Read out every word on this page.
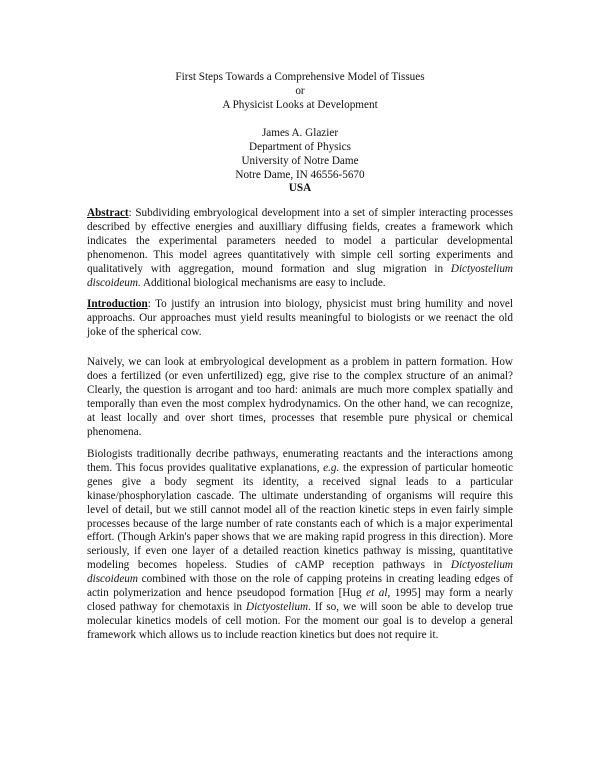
First Steps Towards a Comprehensive Model of Tissues
or
A Physicist Looks at Development
James A. Glazier
Department of Physics
University of Notre Dame
Notre Dame, IN 46556-5670
USA
Abstract: Subdividing embryological development into a set of simpler interacting processes described by effective energies and auxilliary diffusing fields, creates a framework which indicates the experimental parameters needed to model a particular developmental phenomenon. This model agrees quantitatively with simple cell sorting experiments and qualitatively with aggregation, mound formation and slug migration in Dictyostelium discoideum. Additional biological mechanisms are easy to include.
Introduction: To justify an intrusion into biology, physicist must bring humility and novel approachs. Our approaches must yield results meaningful to biologists or we reenact the old joke of the spherical cow.
Naively, we can look at embryological development as a problem in pattern formation. How does a fertilized (or even unfertilized) egg, give rise to the complex structure of an animal? Clearly, the question is arrogant and too hard: animals are much more complex spatially and temporally than even the most complex hydrodynamics. On the other hand, we can recognize, at least locally and over short times, processes that resemble pure physical or chemical phenomena.
Biologists traditionally decribe pathways, enumerating reactants and the interactions among them. This focus provides qualitative explanations, e.g. the expression of particular homeotic genes give a body segment its identity, a received signal leads to a particular kinase/phosphorylation cascade. The ultimate understanding of organisms will require this level of detail, but we still cannot model all of the reaction kinetic steps in even fairly simple processes because of the large number of rate constants each of which is a major experimental effort. (Though Arkin's paper shows that we are making rapid progress in this direction). More seriously, if even one layer of a detailed reaction kinetics pathway is missing, quantitative modeling becomes hopeless. Studies of cAMP reception pathways in Dictyostelium discoideum combined with those on the role of capping proteins in creating leading edges of actin polymerization and hence pseudopod formation [Hug et al, 1995] may form a nearly closed pathway for chemotaxis in Dictyostelium. If so, we will soon be able to develop true molecular kinetics models of cell motion. For the moment our goal is to develop a general framework which allows us to include reaction kinetics but does not require it.
